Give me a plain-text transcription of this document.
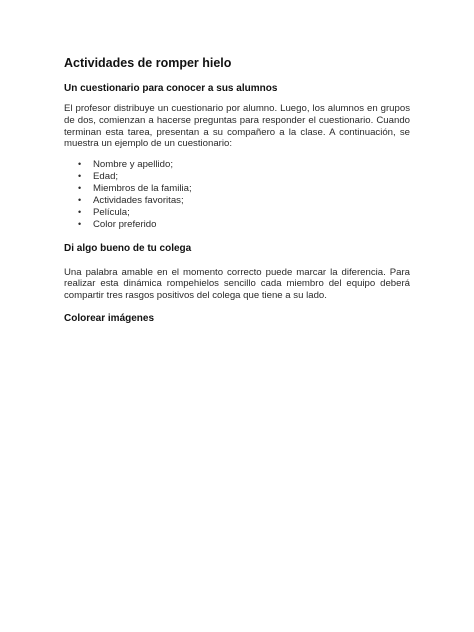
Actividades de romper hielo
Un cuestionario para conocer a sus alumnos

El profesor distribuye un cuestionario por alumno. Luego, los alumnos en grupos de dos, comienzan a hacerse preguntas para responder el cuestionario. Cuando terminan esta tarea, presentan a su compañero a la clase. A continuación, se muestra un ejemplo de un cuestionario:

• Nombre y apellido;
• Edad;
• Miembros de la familia;
• Actividades favoritas;
• Película;
• Color preferido
Di algo bueno de tu colega

Una palabra amable en el momento correcto puede marcar la diferencia. Para realizar esta dinámica rompehielos sencillo cada miembro del equipo deberá compartir tres rasgos positivos del colega que tiene a su lado.

Colorear imágenes
